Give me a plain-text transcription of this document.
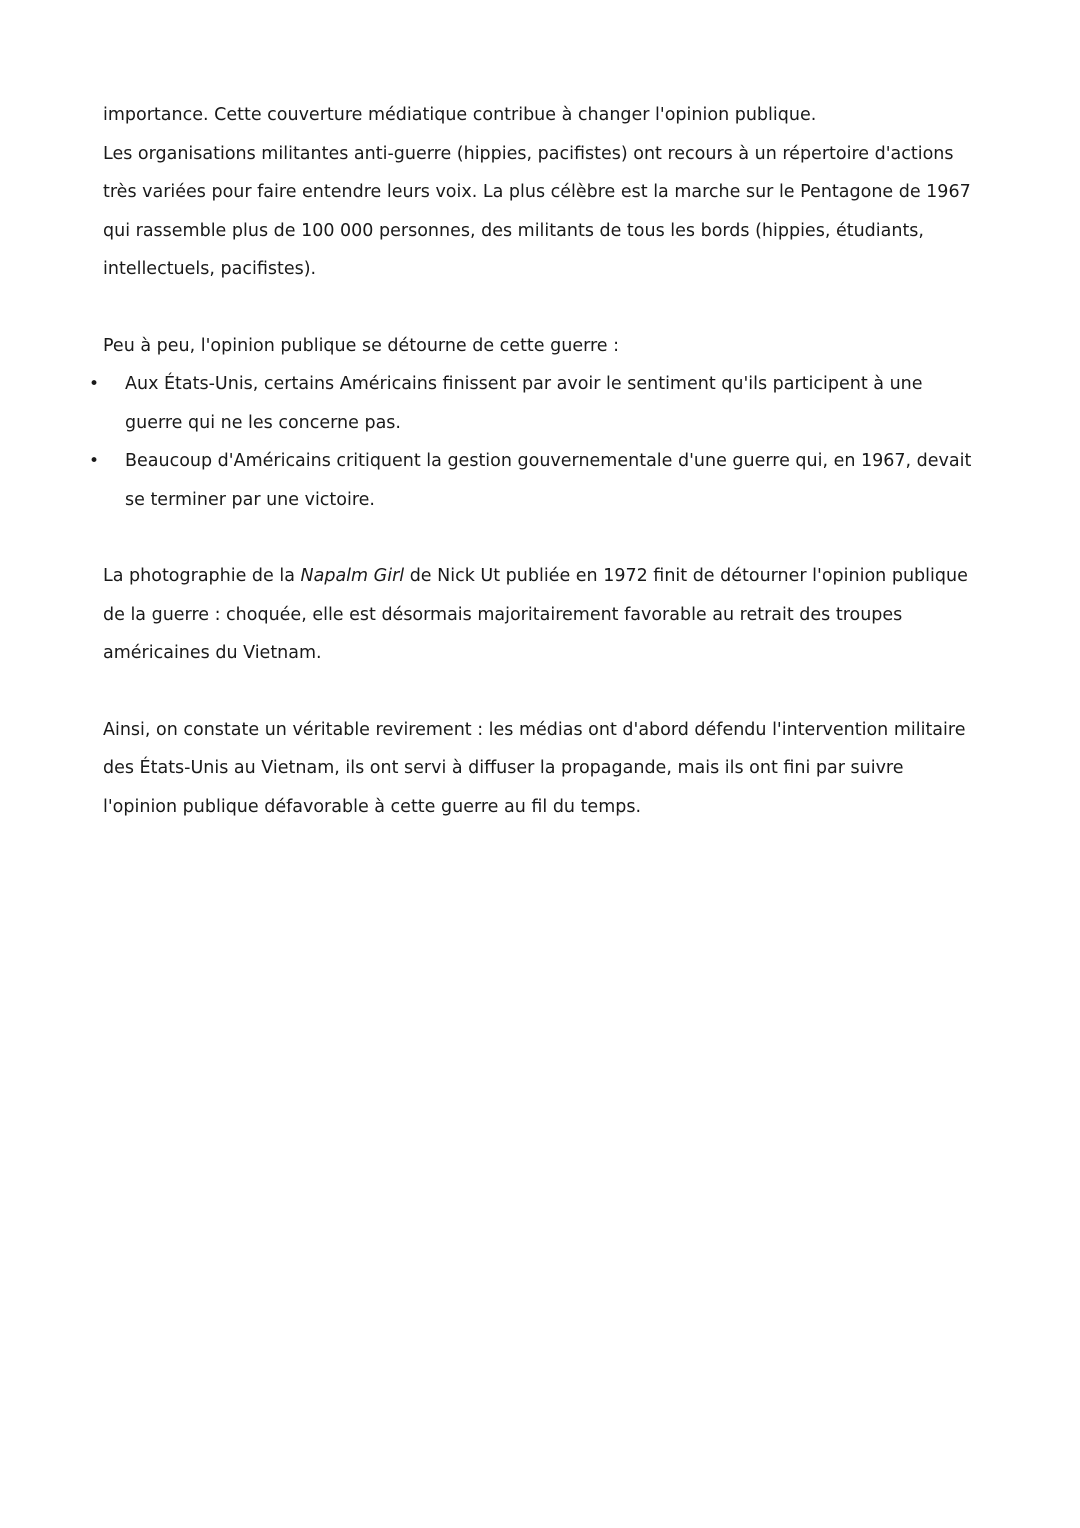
importance. Cette couverture médiatique contribue à changer l'opinion publique.

Les organisations militantes anti-guerre (hippies, pacifistes) ont recours à un répertoire d'actions très variées pour faire entendre leurs voix. La plus célèbre est la marche sur le Pentagone de 1967 qui rassemble plus de 100 000 personnes, des militants de tous les bords (hippies, étudiants, intellectuels, pacifistes).

Peu à peu, l'opinion publique se détourne de cette guerre :

• Aux États-Unis, certains Américains finissent par avoir le sentiment qu'ils participent à une guerre qui ne les concerne pas.
• Beaucoup d'Américains critiquent la gestion gouvernementale d'une guerre qui, en 1967, devait se terminer par une victoire.

La photographie de la Napalm Girl de Nick Ut publiée en 1972 finit de détourner l'opinion publique de la guerre : choquée, elle est désormais majoritairement favorable au retrait des troupes américaines du Vietnam.

Ainsi, on constate un véritable revirement : les médias ont d'abord défendu l'intervention militaire des États-Unis au Vietnam, ils ont servi à diffuser la propagande, mais ils ont fini par suivre l'opinion publique défavorable à cette guerre au fil du temps.
